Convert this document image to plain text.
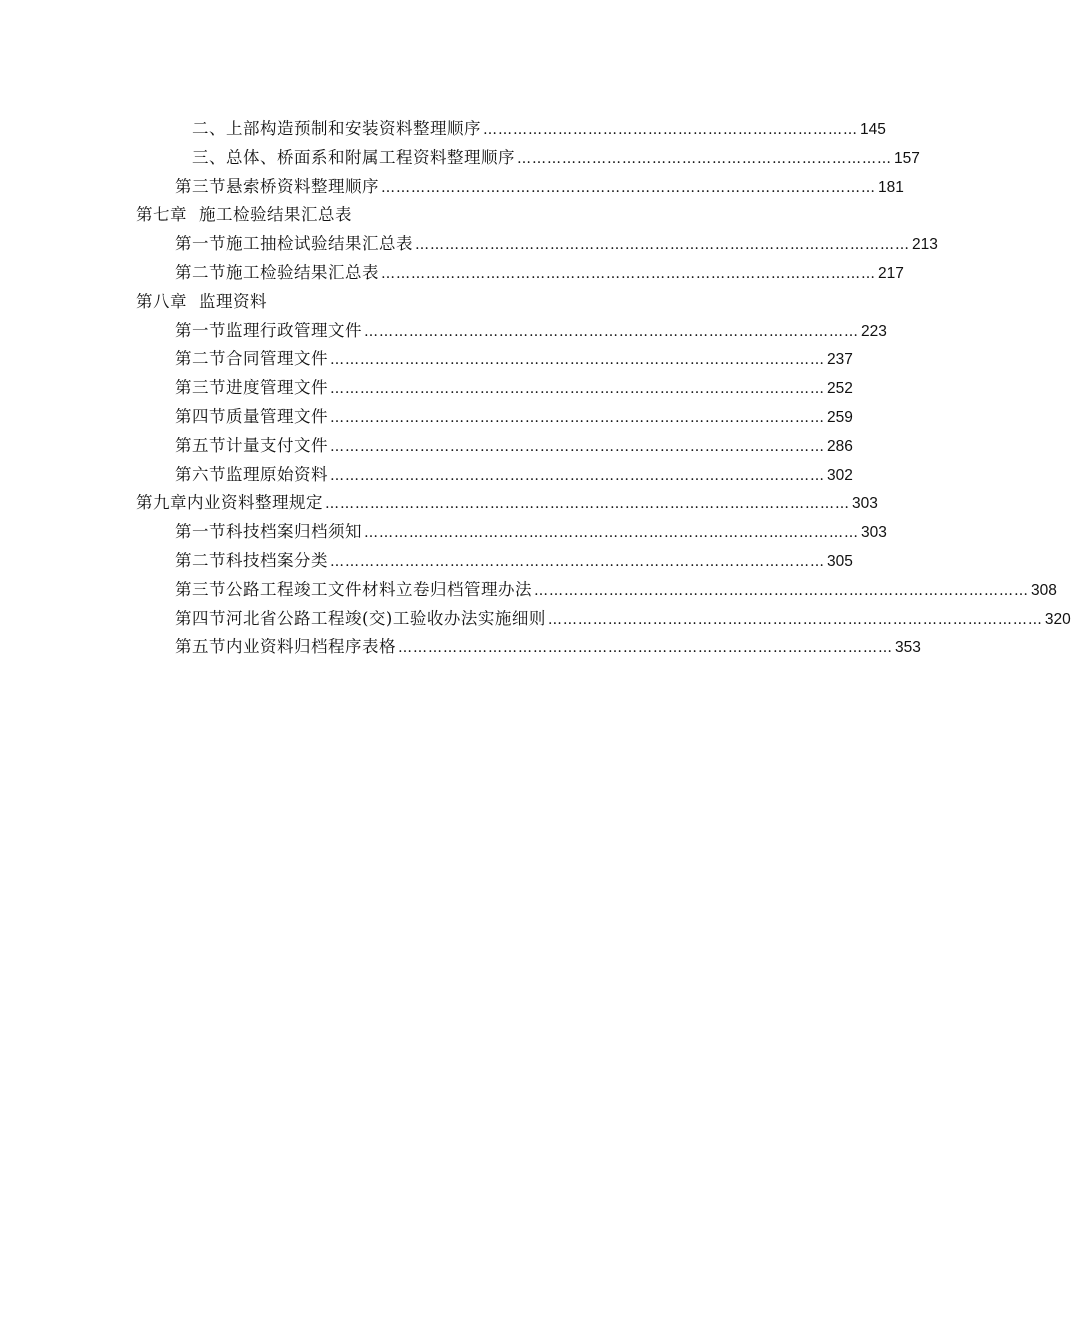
二、上部构造预制和安装资料整理顺序 ………………………………………………………………… 145
三、总体、桥面系和附属工程资料整理顺序 ………………………………………………………………… 157
第三节 悬索桥资料整理顺序 ……………………………………………………………………………………… 181
第七章 施工检验结果汇总表
第一节 施工抽检试验结果汇总表 ……………………………………………………………………………………… 213
第二节 施工检验结果汇总表 ……………………………………………………………………………………… 217
第八章 监理资料
第一节 监理行政管理文件 ……………………………………………………………………………………… 223
第二节 合同管理文件 ……………………………………………………………………………………… 237
第三节 进度管理文件 ……………………………………………………………………………………… 252
第四节 质量管理文件 ……………………………………………………………………………………… 259
第五节 计量支付文件 ……………………………………………………………………………………… 286
第六节 监理原始资料 ……………………………………………………………………………………… 302
第九章 内业资料整理规定 …………………………………………………………………………………………… 303
第一节 科技档案归档须知 ……………………………………………………………………………………… 303
第二节 科技档案分类 ……………………………………………………………………………………… 305
第三节 公路工程竣工文件材料立卷归档管理办法 ……………………………………………………………………………………… 308
第四节 河北省公路工程竣(交)工验收办法实施细则 ……………………………………………………………………………………… 320
第五节 内业资料归档程序表格 ……………………………………………………………………………………… 353
